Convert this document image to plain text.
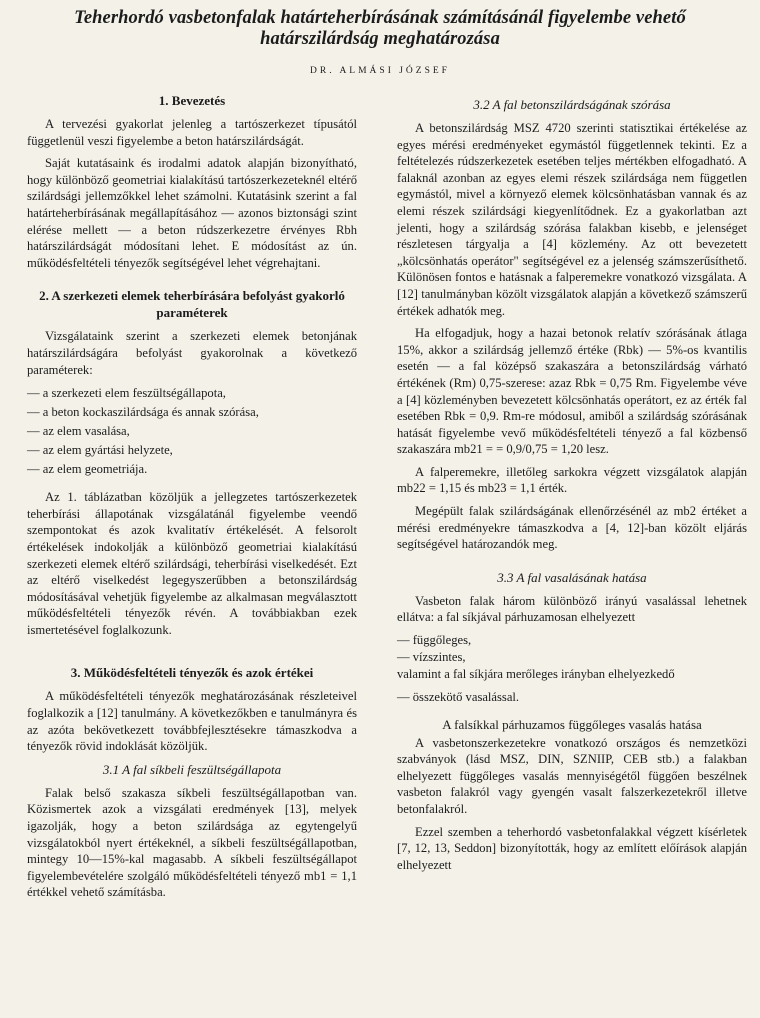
Teherhordó vasbetonfalak határteherbírásának számításánál figyelembe vehető határszilárdság meghatározása
DR. ALMÁSI JÓZSEF
1. Bevezetés

A tervezési gyakorlat jelenleg a tartószerkezet típusától függetlenül veszi figyelembe a beton határszilárdságát.

Saját kutatásaink és irodalmi adatok alapján bizonyítható, hogy különböző geometriai kialakítású tartószerkezeteknél eltérő szilárdsági jellemzőkkel lehet számolni. Kutatásink szerint a fal határteherbírásának megállapításához — azonos biztonsági szint elérése mellett — a beton rúdszerkezetre érvényes Rbh határszilárdságát módosítani lehet. E módosítást az ún. működésfeltételi tényezők segítségével lehet végrehajtani.

2. A szerkezeti elemek teherbírására befolyást gyakorló paraméterek

Vizsgálataink szerint a szerkezeti elemek betonjának határszilárdságára befolyást gyakorolnak a következő paraméterek:

— a szerkezeti elem feszültségállapota,
— a beton kockaszilárdsága és annak szórása,
— az elem vasalása,
— az elem gyártási helyzete,
— az elem geometriája.

Az 1. táblázatban közöljük a jellegzetes tartószerkezetek teherbírási állapotának vizsgálatánál figyelembe veendő szempontokat és azok kvalitatív értékelését. A felsorolt értékelések indokolják a különböző geometriai kialakítású szerkezeti elemek eltérő szilárdsági, teherbírási viselkedését. Ezt az eltérő viselkedést legegyszerűbben a betonszilárdság módosításával vehetjük figyelembe az alkalmasan megválasztott működésfeltételi tényezők révén. A továbbiakban ezek ismertetésével foglalkozunk.

3. Működésfeltételi tényezők és azok értékei

A működésfeltételi tényezők meghatározásának részleteivel foglalkozik a [12] tanulmány. A következőkben e tanulmányra és az azóta bekövetkezett továbbfejlesztésekre támaszkodva a tényezők rövid indoklását közöljük.

3.1 A fal síkbeli feszültségállapota

Falak belső szakasza síkbeli feszültségállapotban van. Közismertek azok a vizsgálati eredmények [13], melyek igazolják, hogy a beton szilárdsága az egytengelyű vizsgálatokból nyert értékeknél, a síkbeli feszültségállapotban, mintegy 10—15%-kal magasabb. A síkbeli feszültségállapot figyelembevételére szolgáló működésfeltételi tényező mb1 = 1,1 értékkel vehető számításba.

3.2 A fal betonszilárdságának szórása

A betonszilárdság MSZ 4720 szerinti statisztikai értékelése az egyes mérési eredményeket egymástól függetlennek tekinti. Ez a feltételezés rúdszerkezetek esetében teljes mértékben elfogadható. A falaknál azonban az egyes elemi részek szilárdsága nem független egymástól, mivel a környező elemek kölcsönhatásban vannak és az elemi részek szilárdsági kiegyenlítődnek. Ez a gyakorlatban azt jelenti, hogy a szilárdság szórása falakban kisebb, e jelenséget részletesen tárgyalja a [4] közlemény. Az ott bevezetett „kölcsönhatás operátor" segítségével ez a jelenség számszerűsíthető. Különösen fontos e hatásnak a falperemekre vonatkozó vizsgálata. A [12] tanulmányban közölt vizsgálatok alapján a következő számszerű értékek adhatók meg.

Ha elfogadjuk, hogy a hazai betonok relatív szórásának átlaga 15%, akkor a szilárdság jellemző értéke (Rbk) — 5%-os kvantilis esetén — a fal középső szakaszára a betonszilárdság várható értékének (Rm) 0,75-szerese: azaz Rbk = 0,75 Rm. Figyelembe véve a [4] közleményben bevezetett kölcsönhatás operátort, ez az érték fal esetében Rbk = 0,9. Rm-re módosul, amiből a szilárdság szórásának hatását figyelembe vevő működésfeltételi tényező a fal közbenső szakaszára mb21 = = 0,9/0,75 = 1,20 lesz.

A falperemekre, illetőleg sarkokra végzett vizsgálatok alapján mb22 = 1,15 és mb23 = 1,1 érték.

Megépült falak szilárdságának ellenőrzésénél az mb2 értéket a mérési eredményekre támaszkodva a [4, 12]-ban közölt eljárás segítségével határozandók meg.

3.3 A fal vasalásának hatása

Vasbeton falak három különböző irányú vasalással lehetnek ellátva: a fal síkjával párhuzamosan elhelyezett

— függőleges,
— vízszintes,

valamint a fal síkjára merőleges irányban elhelyezkedő

— összekötő vasalással.
A falsíkkal párhuzamos függőleges vasalás hatása

A vasbetonszerkezetekre vonatkozó országos és nemzetközi szabványok (lásd MSZ, DIN, SZNIIP, CEB stb.) a falakban elhelyezett függőleges vasalás mennyiségétől függően beszélnek vasbeton falakról vagy gyengén vasalt falszerkezetekről illetve betonfalakról.

Ezzel szemben a teherhordó vasbetonfalakkal végzett kísérletek [7, 12, 13, Seddon] bizonyították, hogy az említett előírások alapján elhelyezett
